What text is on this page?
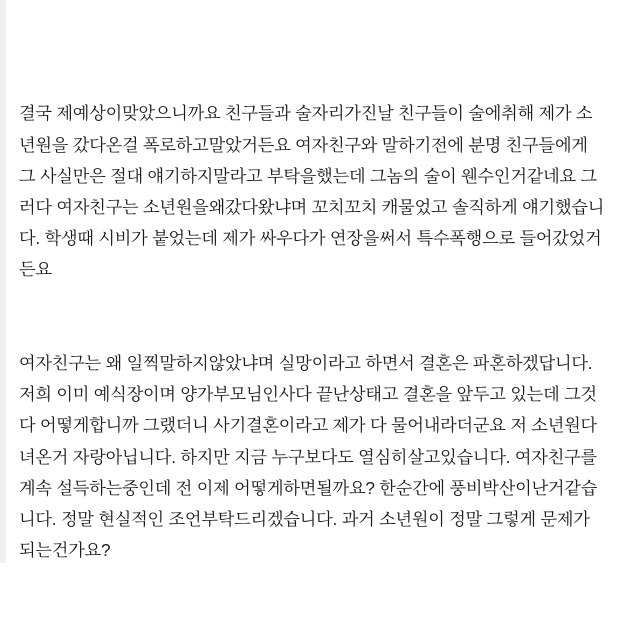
결국 제예상이맞았으니까요 친구들과 술자리가진날 친구들이 술에취해 제가 소년원을 갔다온걸 폭로하고말았거든요 여자친구와 말하기전에 분명 친구들에게 그 사실만은 절대 얘기하지말라고 부탁을했는데 그놈의 술이 웬수인거같네요 그러다 여자친구는 소년원을왜갔다왔냐며 꼬치꼬치 캐물었고 솔직하게 얘기했습니다. 학생때 시비가 붙었는데 제가 싸우다가 연장을써서 특수폭행으로 들어갔었거든요

여자친구는 왜 일찍말하지않았냐며 실망이라고 하면서 결혼은 파혼하겠답니다. 저희 이미 예식장이며 양가부모님인사다 끝난상태고 결혼을 앞두고 있는데 그것다 어떻게합니까 그랬더니 사기결혼이라고 제가 다 물어내라더군요 저 소년원다녀온거 자랑아닙니다. 하지만 지금 누구보다도 열심히살고있습니다. 여자친구를 계속 설득하는중인데 전 이제 어떻게하면될까요? 한순간에 풍비박산이난거같습니다. 정말 현실적인 조언부탁드리겠습니다. 과거 소년원이 정말 그렇게 문제가되는건가요?
